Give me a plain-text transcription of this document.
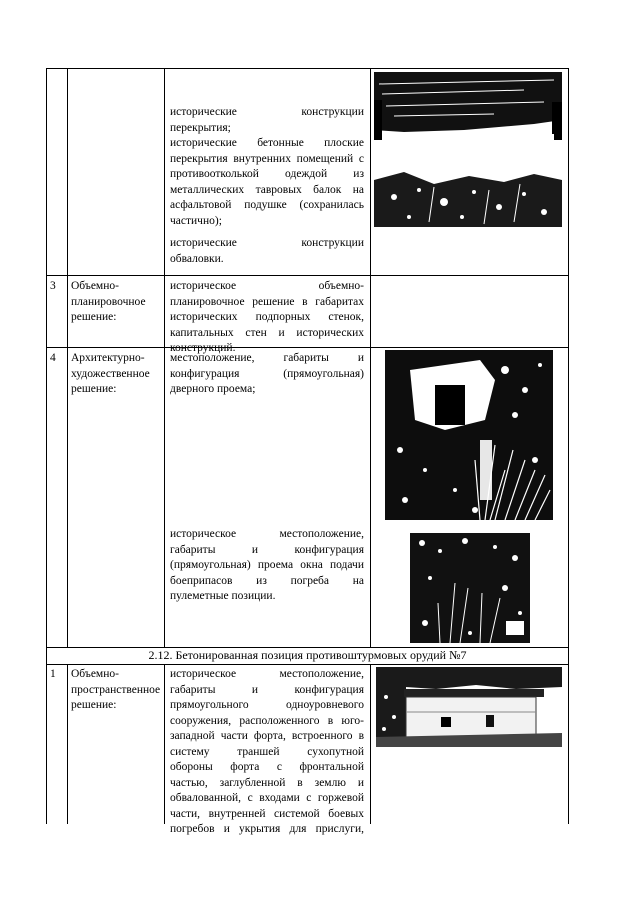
исторические конструкции
перекрытия;
исторические бетонные плоские
перекрытия внутренних помещений с
противоотколькой одеждой из
металлических тавровых балок на
асфальтовой подушке (сохранилась
частично);
исторические конструкции
обваловки.
3 Объемно-
планировочное
решение:
историческое объемно-
планировочное решение в габаритах
исторических подпорных стенок,
капитальных стен и исторических
конструкций.
4 Архитектурно-
художественное
решение:
местоположение, габариты и
конфигурация (прямоугольная)
дверного проема;
историческое местоположение,
габариты и конфигурация
(прямоугольная) проема окна подачи
боеприпасов из погреба на
пулеметные позиции.
2.12. Бетонированная позиция противоштурмовых орудий №7
1 Объемно-
пространственное
решение:
историческое местоположение,
габариты и конфигурация
прямоугольного одноуровневого
сооружения, расположенного в юго-
западной части форта, встроенного в
систему траншей сухопутной
обороны форта с фронтальной
частью, заглубленной в землю и
обвалованной, с входами с горжевой
части, внутренней системой боевых
погребов и укрытия для прислуги,
